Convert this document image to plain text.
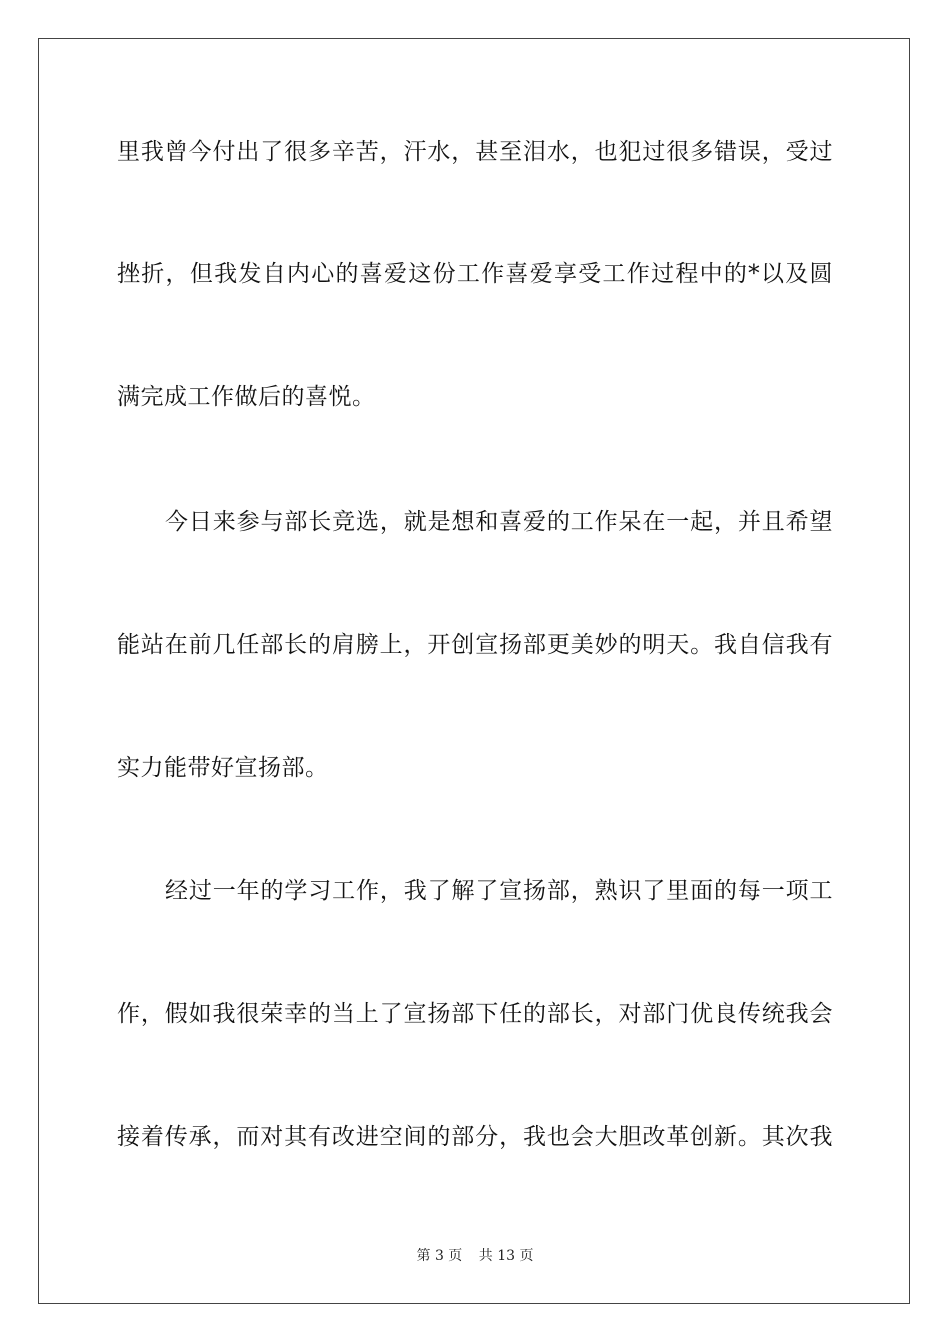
里我曾今付出了很多辛苦，汗水，甚至泪水，也犯过很多错误，受过
挫折，但我发自内心的喜爱这份工作喜爱享受工作过程中的*以及圆
满完成工作做后的喜悦。
今日来参与部长竞选，就是想和喜爱的工作呆在一起，并且希望
能站在前几任部长的肩膀上，开创宣扬部更美妙的明天。我自信我有
实力能带好宣扬部。
经过一年的学习工作，我了解了宣扬部，熟识了里面的每一项工
作，假如我很荣幸的当上了宣扬部下任的部长，对部门优良传统我会
接着传承，而对其有改进空间的部分，我也会大胆改革创新。其次我
第 3 页 共 13 页
